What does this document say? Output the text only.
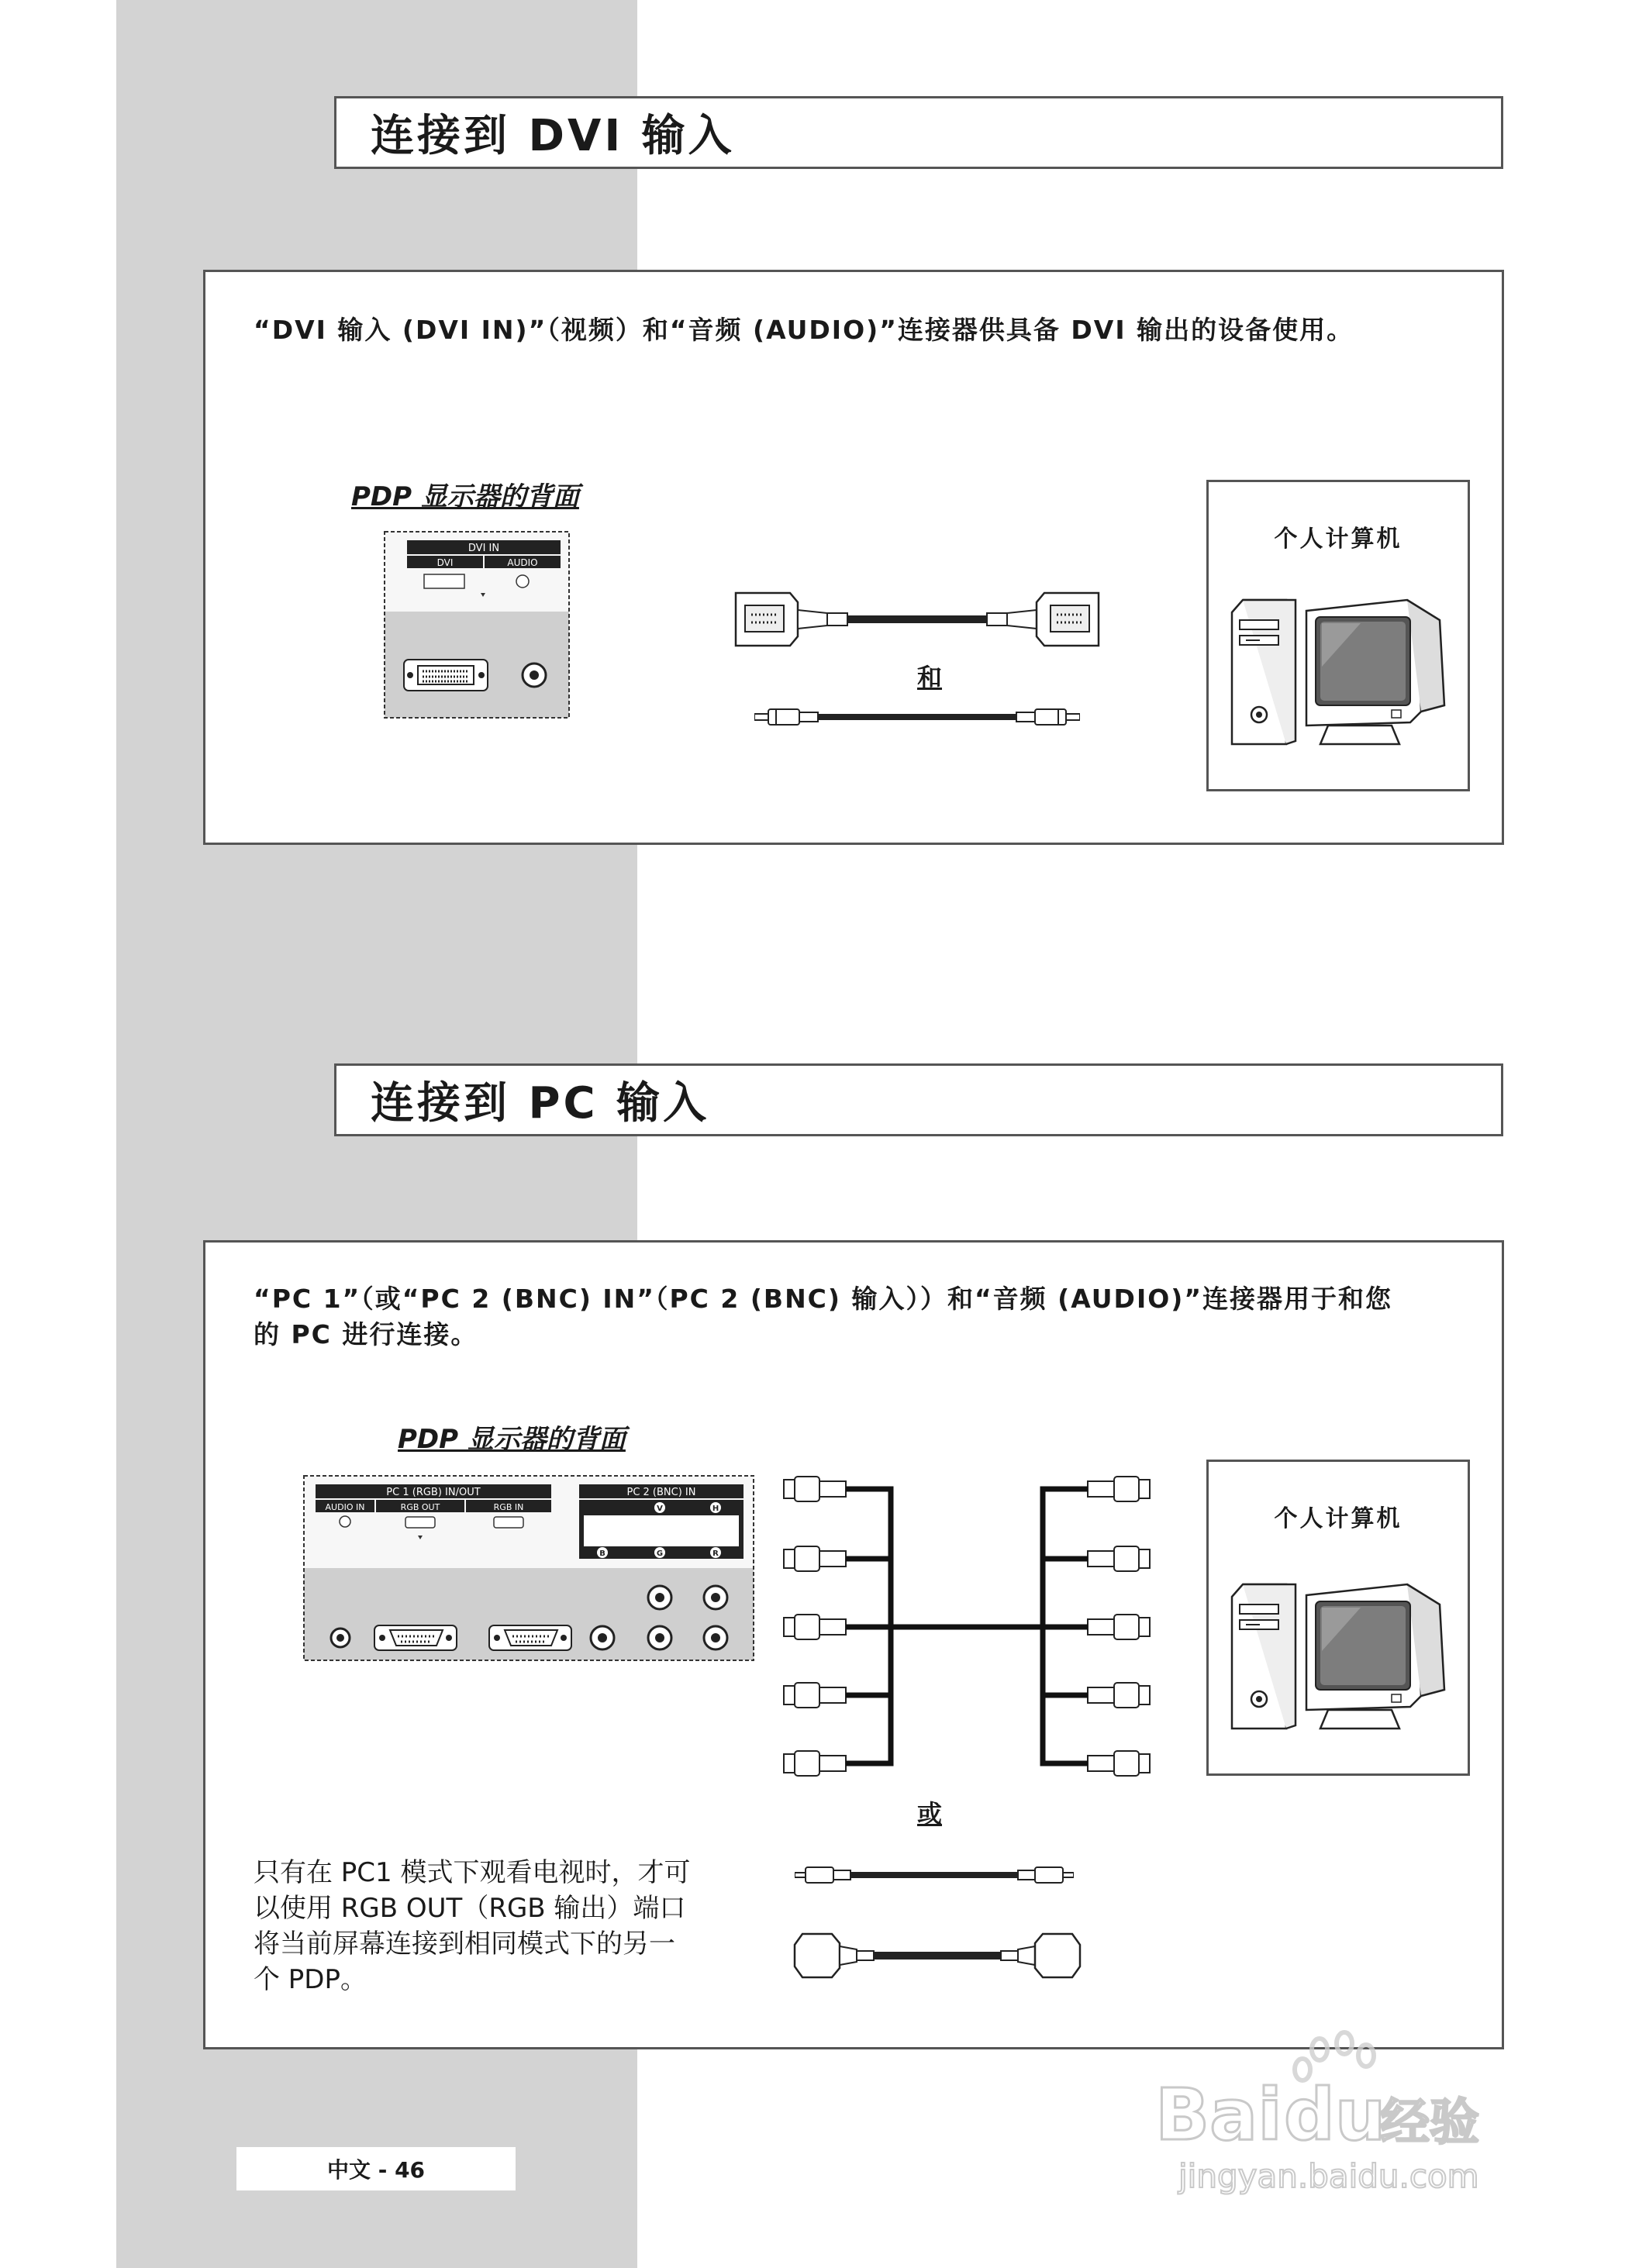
连接到 DVI 输入
“DVI 输入 (DVI IN)”（视频）和“音频 (AUDIO)”连接器供具备 DVI 输出的设备使用。
PDP 显示器的背面
DVI IN
DVI	AUDIO
和
个人计算机
连接到 PC 输入
“PC 1”（或“PC 2 (BNC) IN”（PC 2 (BNC) 输入））和“音频 (AUDIO)”连接器用于和您
的 PC 进行连接。
PDP 显示器的背面
PC 1 (RGB) IN/OUT
AUDIO IN	RGB OUT	RGB IN
PC 2 (BNC) IN
V	H
B	G	R
或
个人计算机
只有在 PC1 模式下观看电视时，才可
以使用 RGB OUT（RGB 输出）端口
将当前屏幕连接到相同模式下的另一
个 PDP。
中文 - 46
Bai du
经验
jingyan.baidu.com
